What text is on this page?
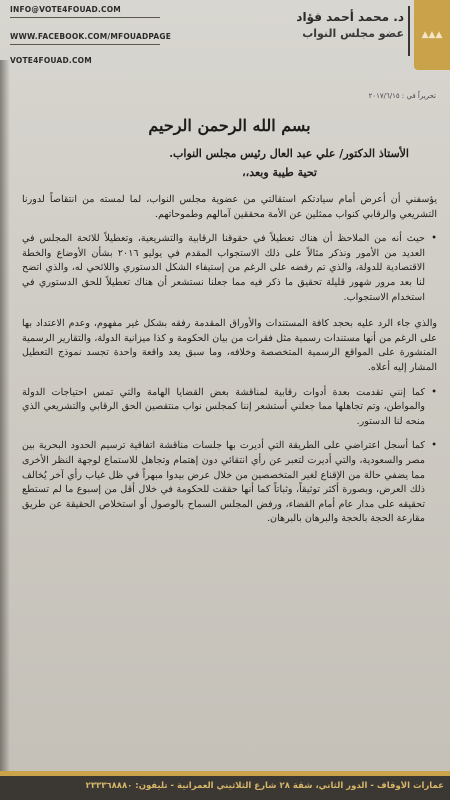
INFO@VOTE4FOUAD.COM
WWW.FACEBOOK.COM/MFOUADPAGE
VOTE4FOUAD.COM
د. محمد أحمد فؤاد
عضو مجلس النواب ▲▲▲
تحريراً في : ٢٠١٧/٦/١٥
بسم الله الرحمن الرحيم
الأستاذ الدكتور/ علي عبد العال رئيس مجلس النواب.
تحية طيبة وبعد،،
يؤسفني أن أعرض أمام سيادتكم استقالتي من عضوية مجلس النواب، لما لمسته من انتقاصاً لدورنا التشريعي والرقابي كنواب ممثلين عن الأمة محققين آمالهم وطموحاتهم.
•
حيث أنه من الملاحظ أن هناك تعطيلاً في حقوقنا الرقابية والتشريعية، وتعطيلاً للائحة المجلس في العديد من الأمور ونذكر مثالاً على ذلك الاستجواب المقدم في يوليو ٢٠١٦ بشأن الأوضاع والخطة الاقتصادية للدولة، والذي تم رفضه على الرغم من إستيفاء الشكل الدستوري واللائحي له، والذي اتضح لنا بعد مرور شهور قليلة تحقيق ما ذكر فيه مما جعلنا نستشعر أن هناك تعطيلاً للحق الدستوري في استخدام الاستجواب.
والذي جاء الرد عليه بحجد كافة المستندات والأوراق المقدمة رفقه بشكل غير مفهوم، وعدم الاعتداد بها على الرغم من أنها مستندات رسمية مثل فقرات من بيان الحكومة و كذا ميزانية الدولة، والتقارير الرسمية المنشورة على المواقع الرسمية المتخصصة وخلافه، وما سبق يعد واقعة واحدة تجسد نموذج التعطيل المشار إليه أعلاه.
•
كما إنني تقدمت بعدة أدوات رقابية لمناقشة بعض القضايا الهامة والتي تمس احتياجات الدولة والمواطن، وتم تجاهلها مما جعلني أستشعر إننا كمجلس نواب منتقصين الحق الرقابي والتشريعي الذي منحه لنا الدستور.
•
كما أسجل اعتراضي على الطريقة التي أديرت بها جلسات مناقشة اتفاقية ترسيم الحدود البحرية بين مصر والسعودية، والتي أديرت لتعبر عن رأي انتقائي دون إهتمام وتجاهل للاستماع لوجهة النظر الأخرى مما يضفي حالة من الإقناع لغير المتخصصين من خلال عرض بيدوا مبهراً في ظل غياب رأي آخر يُخالف ذلك العرض، وبصورة أكثر توثيقاً، وثباتاً كما أنها حققت للحكومة في خلال أقل من إسبوع ما لم تستطع تحقيقه على مدار عام أمام القضاء، ورفض المجلس السماح بالوصول أو استخلاص الحقيقة عن طريق مقارعة الحجة بالحجة والبرهان بالبرهان.
عمارات الأوقاف - الدور الثاني، شقة ٢٨ شارع الثلاثيني العمرانية - تليفون: ٢٣٣٣٦٨٨٨٠
